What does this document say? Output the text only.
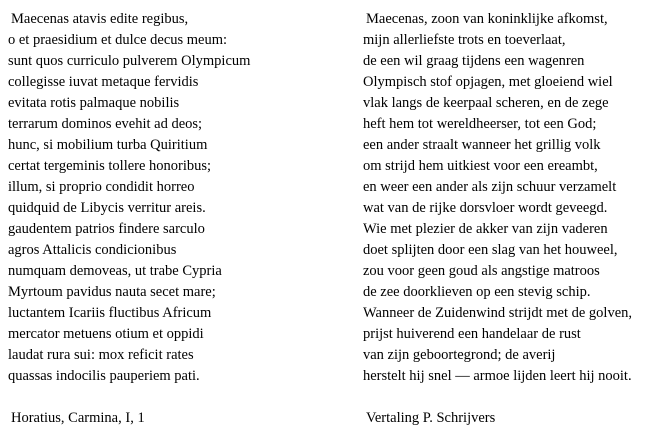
Maecenas atavis edite regibus,
o et praesidium et dulce decus meum:
sunt quos curriculo pulverem Olympicum
collegisse iuvat metaque fervidis
evitata rotis palmaque nobilis
terrarum dominos evehit ad deos;
hunc, si mobilium turba Quiritium
certat tergeminis tollere honoribus;
illum, si proprio condidit horreo
quidquid de Libycis verritur areis.
gaudentem patrios findere sarculo
agros Attalicis condicionibus
numquam demoveas, ut trabe Cypria
Myrtoum pavidus nauta secet mare;
luctantem Icariis fluctibus Africum
mercator metuens otium et oppidi
laudat rura sui: mox reficit rates
quassas indocilis pauperiem pati.
Horatius, Carmina, I, 1
Maecenas, zoon van koninklijke afkomst,
mijn allerliefste trots en toeverlaat,
de een wil graag tijdens een wagenren
Olympisch stof opjagen, met gloeiend wiel
vlak langs de keerpaal scheren, en de zege
heft hem tot wereldheerser, tot een God;
een ander straalt wanneer het grillig volk
om strijd hem uitkiest voor een ereambt,
en weer een ander als zijn schuur verzamelt
wat van de rijke dorsvloer wordt geveegd.
Wie met plezier de akker van zijn vaderen
doet splijten door een slag van het houweel,
zou voor geen goud als angstige matroos
de zee doorklieven op een stevig schip.
Wanneer de Zuidenwind strijdt met de golven,
prijst huiverend een handelaar de rust
van zijn geboortegrond; de averij
herstelt hij snel — armoe lijden leert hij nooit.
Vertaling P. Schrijvers
